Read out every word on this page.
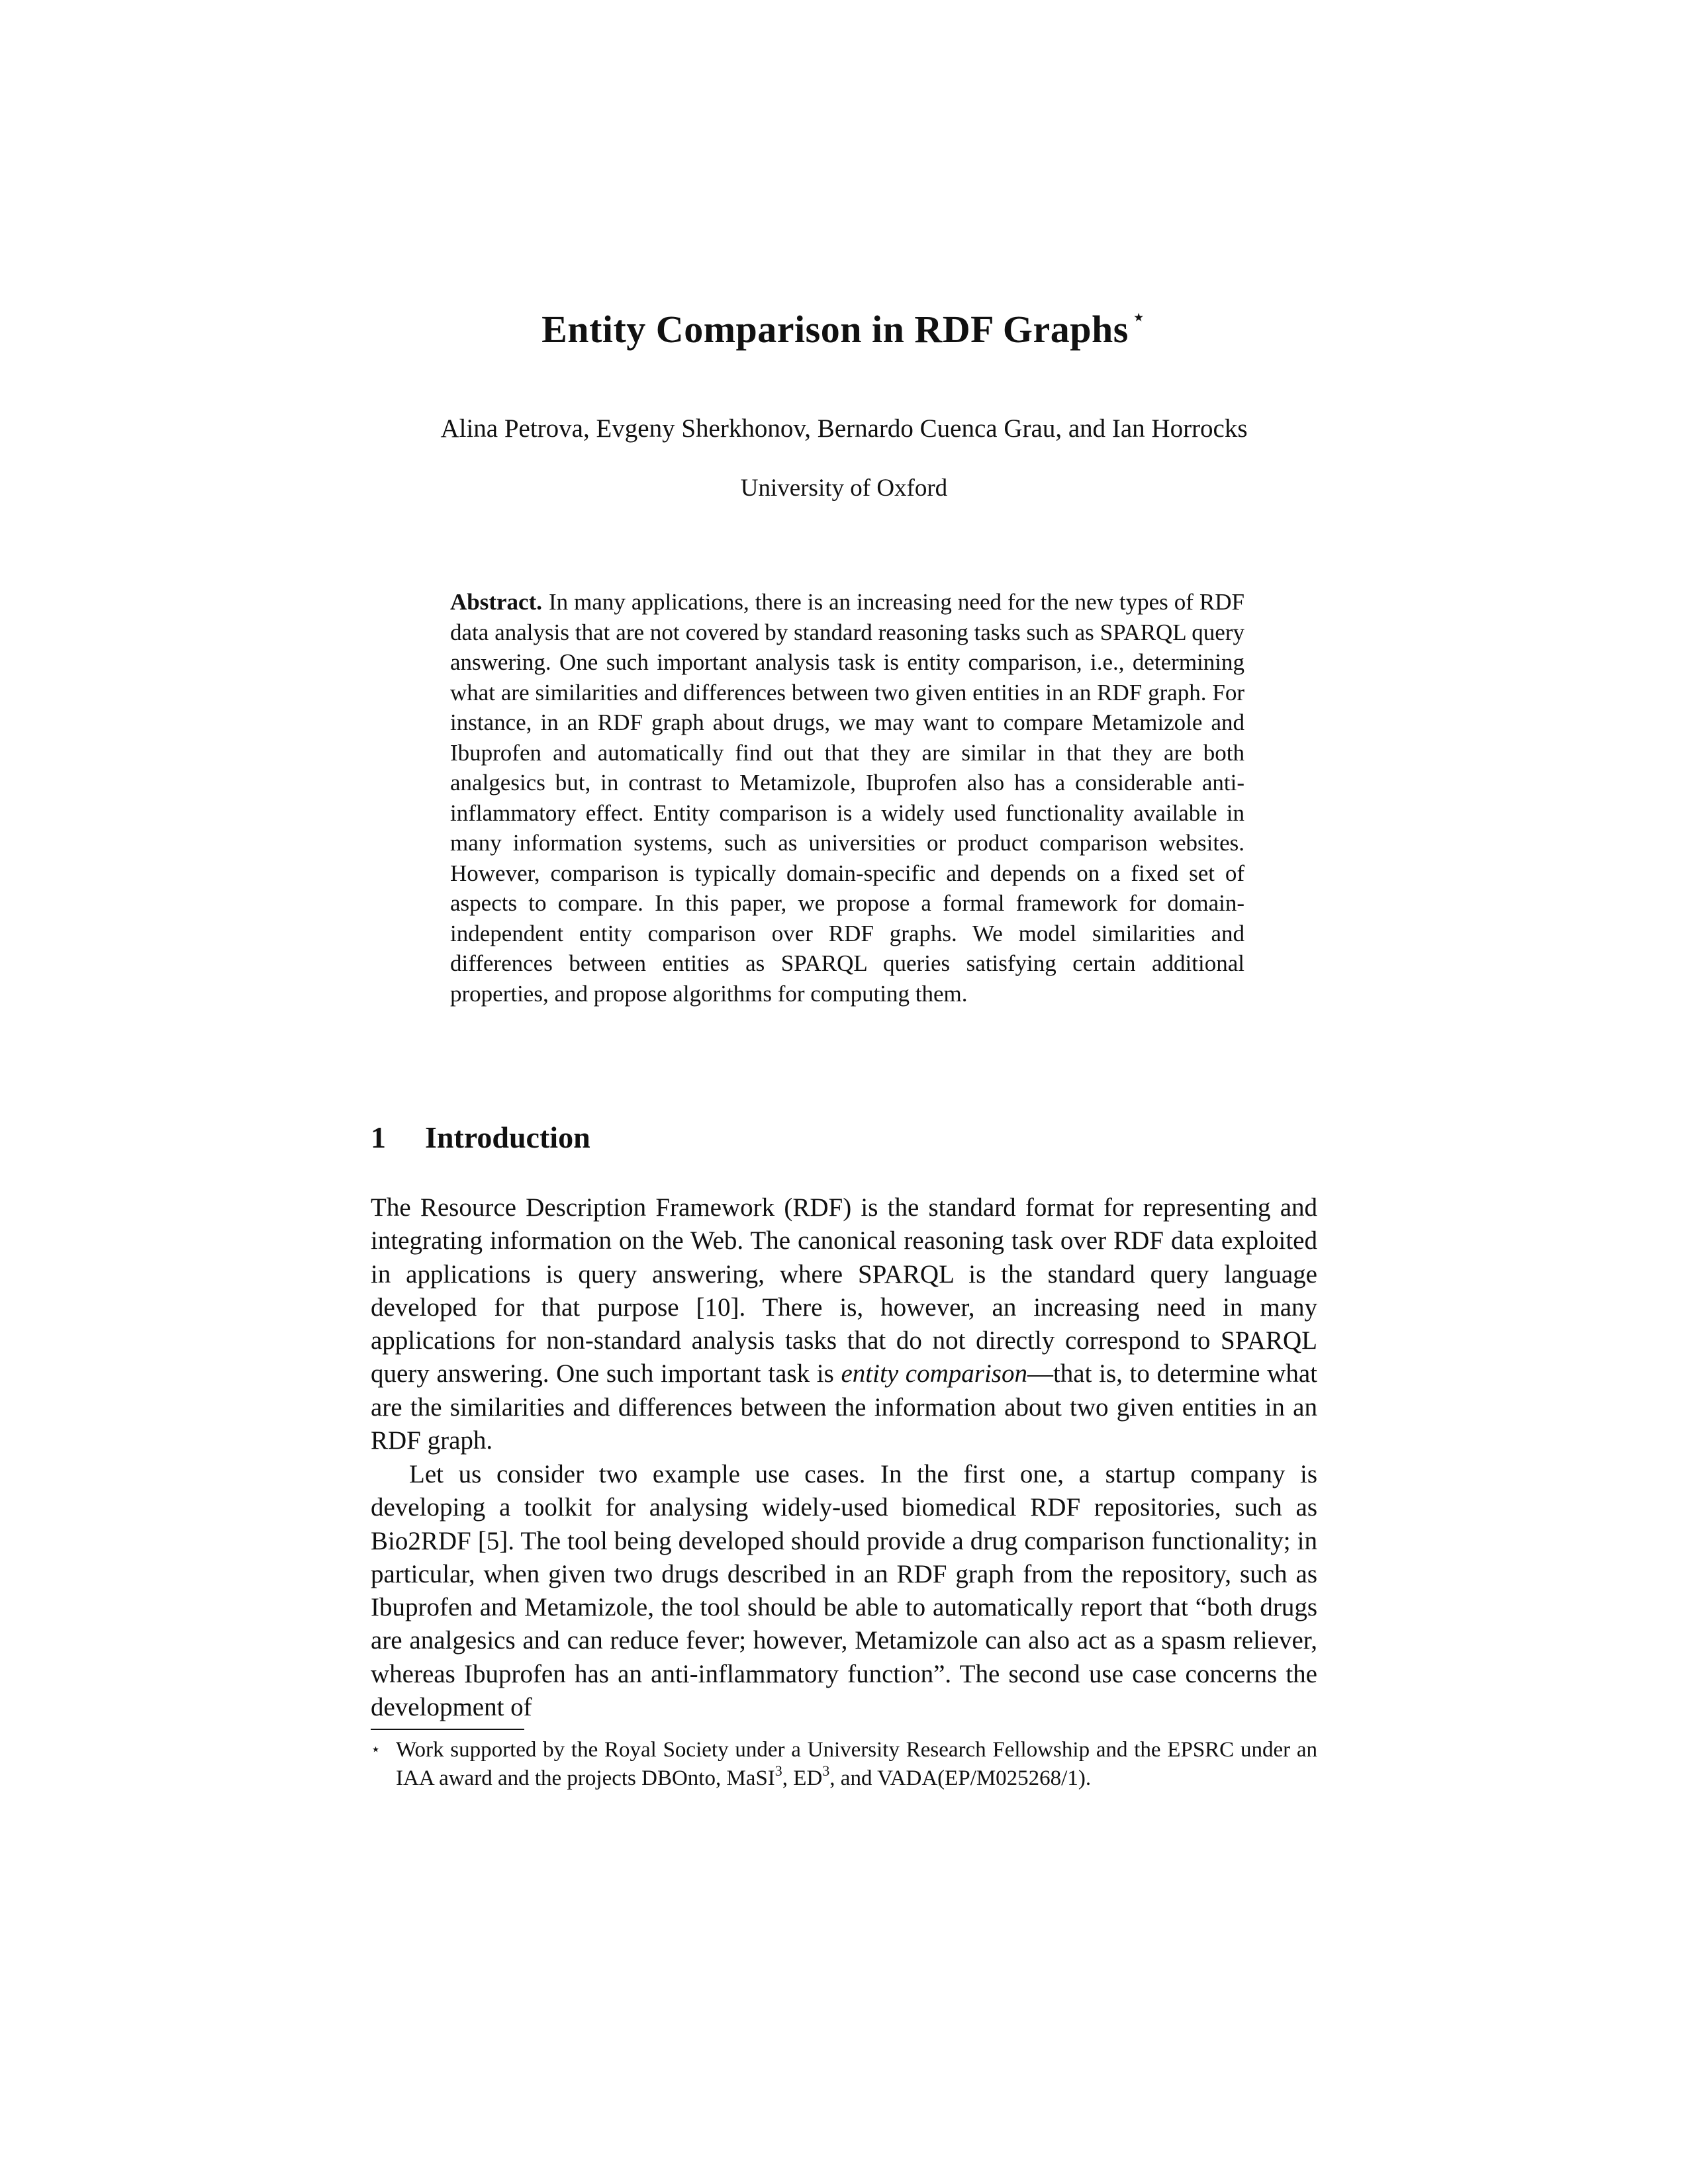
Entity Comparison in RDF Graphs ⋆
Alina Petrova, Evgeny Sherkhonov, Bernardo Cuenca Grau, and Ian Horrocks
University of Oxford
Abstract. In many applications, there is an increasing need for the new types of RDF data analysis that are not covered by standard reasoning tasks such as SPARQL query answering. One such important analysis task is entity comparison, i.e., determining what are similarities and differences between two given entities in an RDF graph. For instance, in an RDF graph about drugs, we may want to compare Metamizole and Ibuprofen and automatically find out that they are similar in that they are both analgesics but, in contrast to Metamizole, Ibuprofen also has a considerable anti-inflammatory effect. Entity comparison is a widely used functionality available in many information systems, such as universities or product comparison websites. However, comparison is typically domain-specific and depends on a fixed set of aspects to compare. In this paper, we propose a formal framework for domain-independent entity comparison over RDF graphs. We model similarities and differences between entities as SPARQL queries satisfying certain additional properties, and propose algorithms for computing them.
1 Introduction
The Resource Description Framework (RDF) is the standard format for representing and integrating information on the Web. The canonical reasoning task over RDF data exploited in applications is query answering, where SPARQL is the standard query language developed for that purpose [10]. There is, however, an increasing need in many applications for non-standard analysis tasks that do not directly correspond to SPARQL query answering. One such important task is entity comparison—that is, to determine what are the similarities and differences between the information about two given entities in an RDF graph.
Let us consider two example use cases. In the first one, a startup company is developing a toolkit for analysing widely-used biomedical RDF repositories, such as Bio2RDF [5]. The tool being developed should provide a drug comparison functionality; in particular, when given two drugs described in an RDF graph from the repository, such as Ibuprofen and Metamizole, the tool should be able to automatically report that “both drugs are analgesics and can reduce fever; however, Metamizole can also act as a spasm reliever, whereas Ibuprofen has an anti-inflammatory function”. The second use case concerns the development of
⋆ Work supported by the Royal Society under a University Research Fellowship and the EPSRC under an IAA award and the projects DBOnto, MaSI$^3$, $ED^3$, and VADA(EP/M025268/1).
